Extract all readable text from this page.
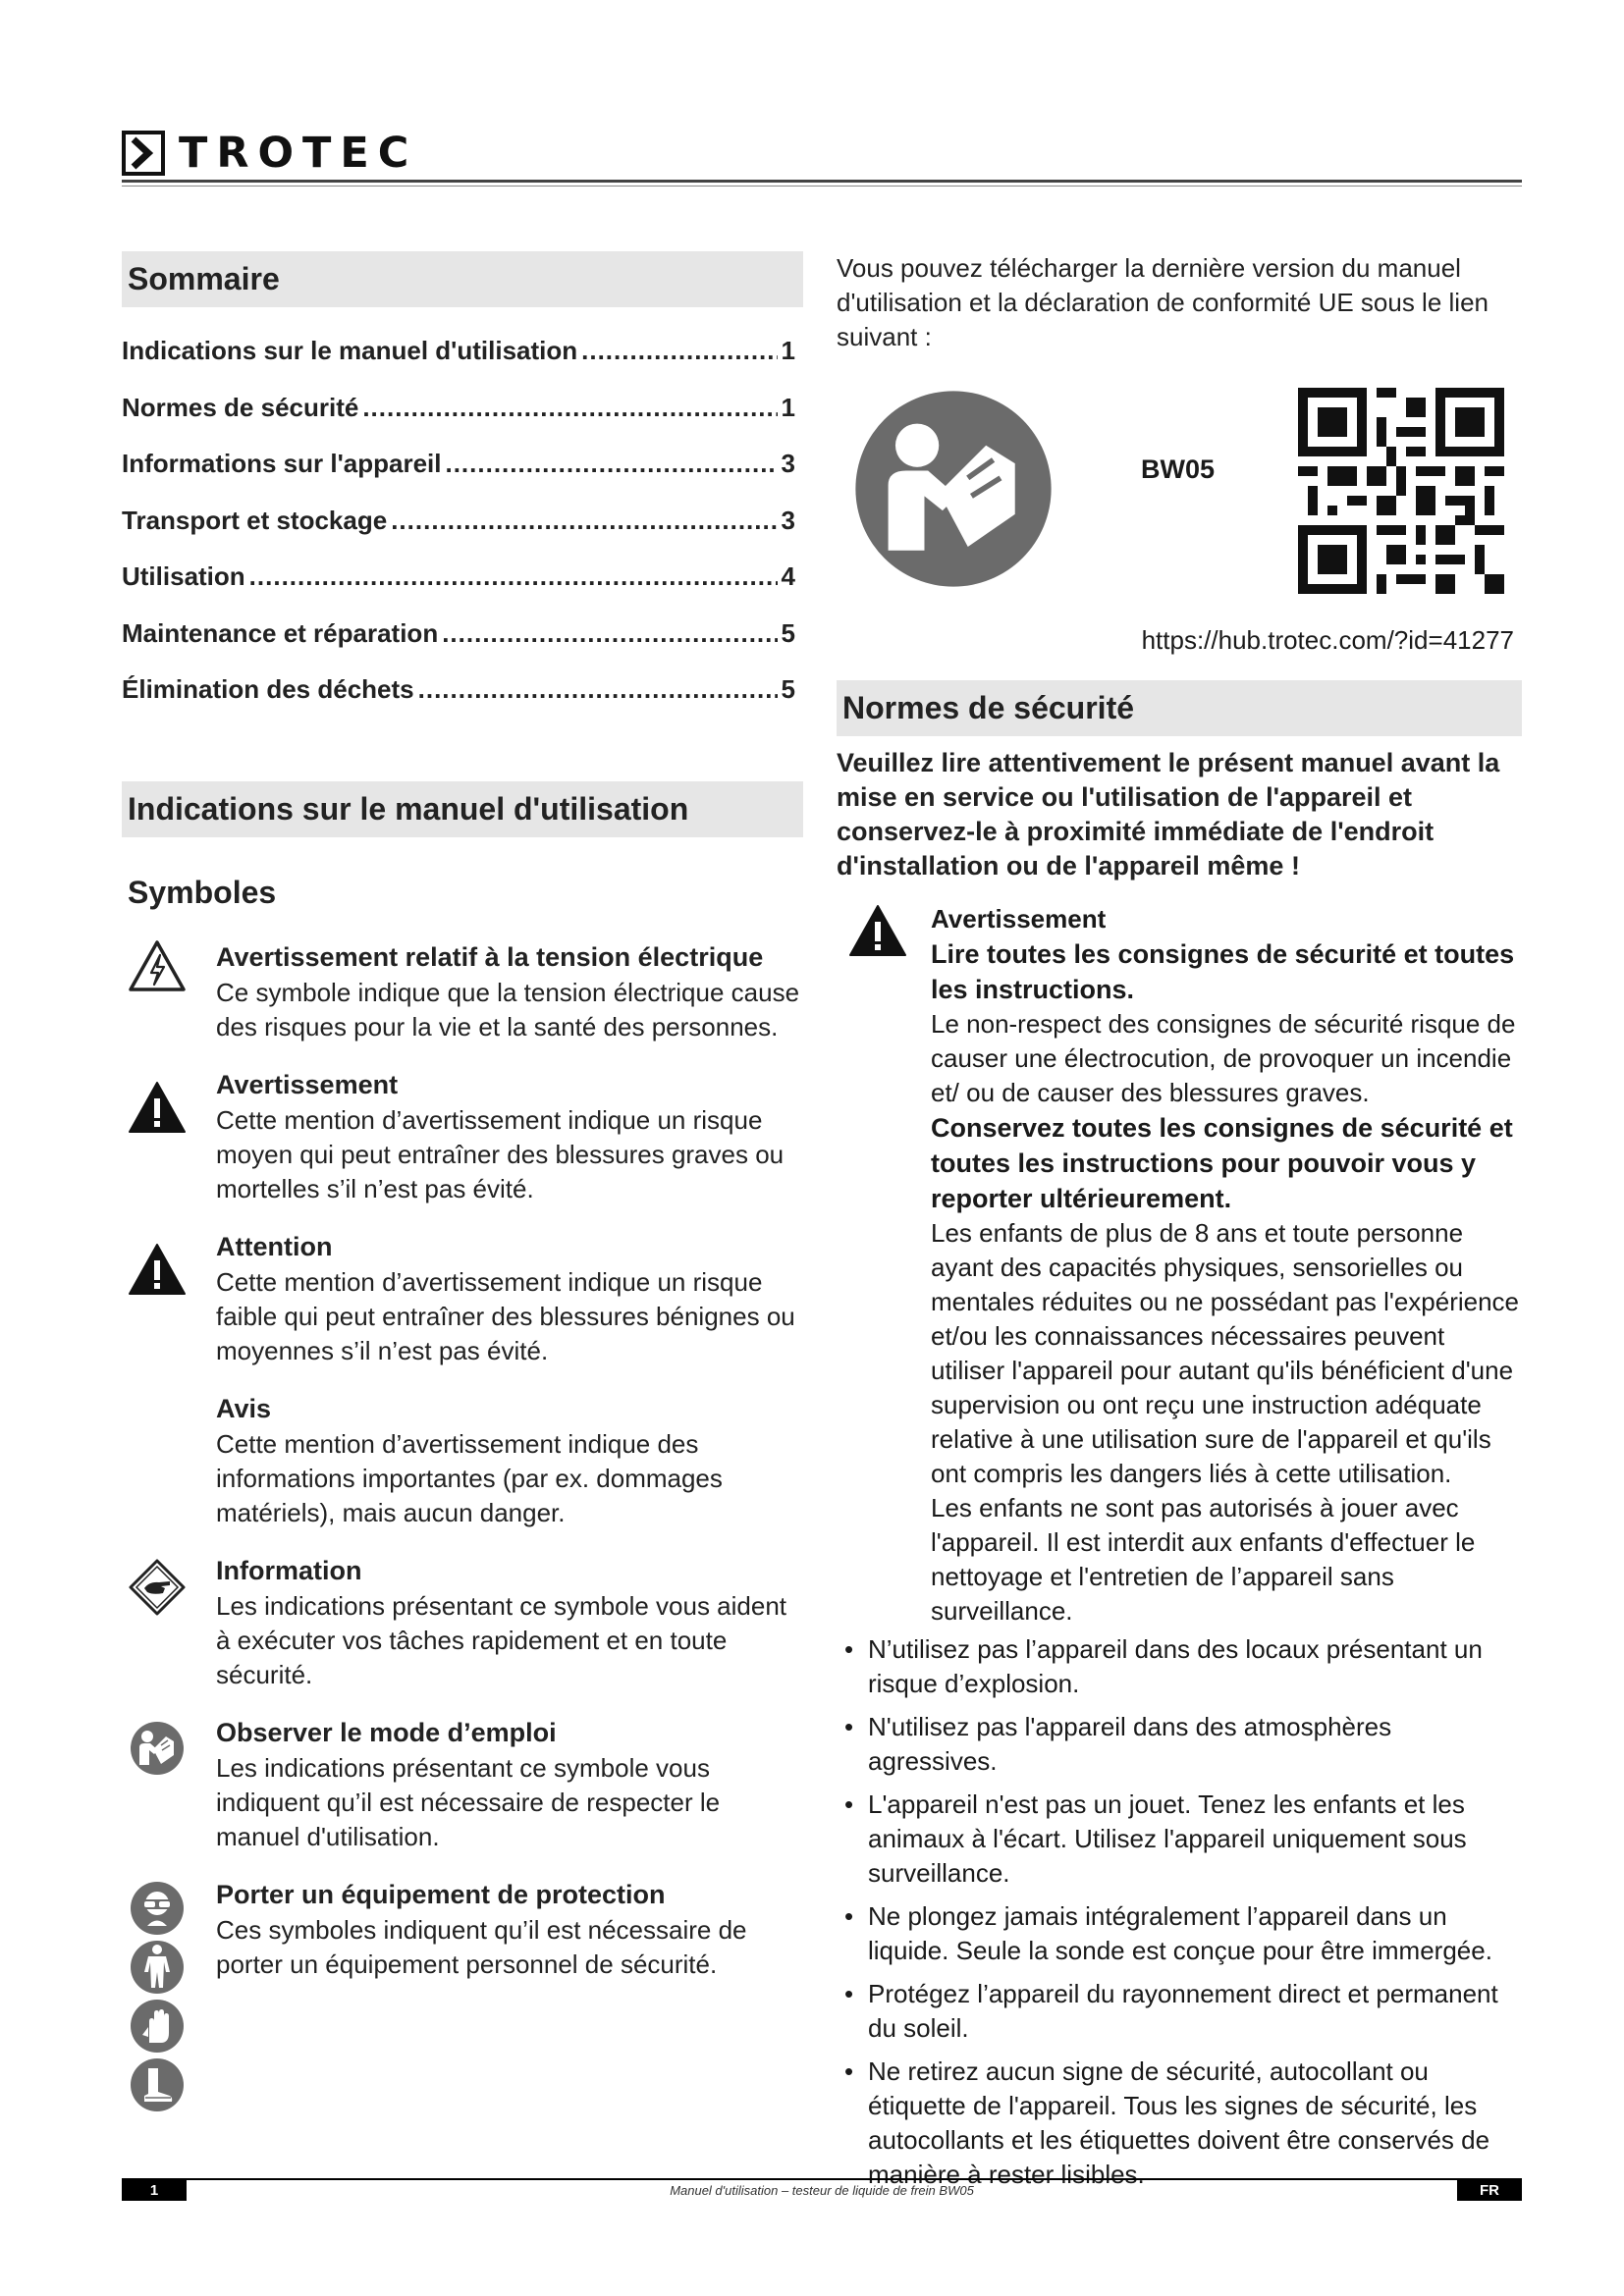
TROTEC
Sommaire
Indications sur le manuel d'utilisation .....	1
Normes de sécurité .....	1
Informations sur l'appareil .....	3
Transport et stockage .....	3
Utilisation .....	4
Maintenance et réparation .....	5
Élimination des déchets .....	5
Indications sur le manuel d'utilisation
Symboles
Avertissement relatif à la tension électrique
Ce symbole indique que la tension électrique cause des risques pour la vie et la santé des personnes.
Avertissement
Cette mention d’avertissement indique un risque moyen qui peut entraîner des blessures graves ou mortelles s’il n’est pas évité.
Attention
Cette mention d’avertissement indique un risque faible qui peut entraîner des blessures bénignes ou moyennes s’il n’est pas évité.
Avis
Cette mention d’avertissement indique des informations importantes (par ex. dommages matériels), mais aucun danger.
Information
Les indications présentant ce symbole vous aident à exécuter vos tâches rapidement et en toute sécurité.
Observer le mode d’emploi
Les indications présentant ce symbole vous indiquent qu’il est nécessaire de respecter le manuel d'utilisation.
Porter un équipement de protection
Ces symboles indiquent qu’il est nécessaire de porter un équipement personnel de sécurité.

Vous pouvez télécharger la dernière version du manuel d'utilisation et la déclaration de conformité UE sous le lien suivant :

BW05
https://hub.trotec.com/?id=41277
Normes de sécurité

Veuillez lire attentivement le présent manuel avant la mise en service ou l'utilisation de l'appareil et conservez-le à proximité immédiate de l'endroit d'installation ou de l'appareil même !

Avertissement
Lire toutes les consignes de sécurité et toutes les instructions.
Le non-respect des consignes de sécurité risque de causer une électrocution, de provoquer un incendie et/ ou de causer des blessures graves.
Conservez toutes les consignes de sécurité et toutes les instructions pour pouvoir vous y reporter ultérieurement.
Les enfants de plus de 8 ans et toute personne ayant des capacités physiques, sensorielles ou mentales réduites ou ne possédant pas l'expérience et/ou les connaissances nécessaires peuvent utiliser l'appareil pour autant qu'ils bénéficient d'une supervision ou ont reçu une instruction adéquate relative à une utilisation sure de l'appareil et qu'ils ont compris les dangers liés à cette utilisation.
Les enfants ne sont pas autorisés à jouer avec l'appareil. Il est interdit aux enfants d'effectuer le nettoyage et l'entretien de l’appareil sans surveillance.
• N’utilisez pas l’appareil dans des locaux présentant un risque d’explosion.
• N'utilisez pas l'appareil dans des atmosphères agressives.
• L'appareil n'est pas un jouet. Tenez les enfants et les animaux à l'écart. Utilisez l'appareil uniquement sous surveillance.
• Ne plongez jamais intégralement l’appareil dans un liquide. Seule la sonde est conçue pour être immergée.
• Protégez l’appareil du rayonnement direct et permanent du soleil.
• Ne retirez aucun signe de sécurité, autocollant ou étiquette de l'appareil. Tous les signes de sécurité, les autocollants et les étiquettes doivent être conservés de manière à rester lisibles.
1	Manuel d'utilisation – testeur de liquide de frein BW05	FR
